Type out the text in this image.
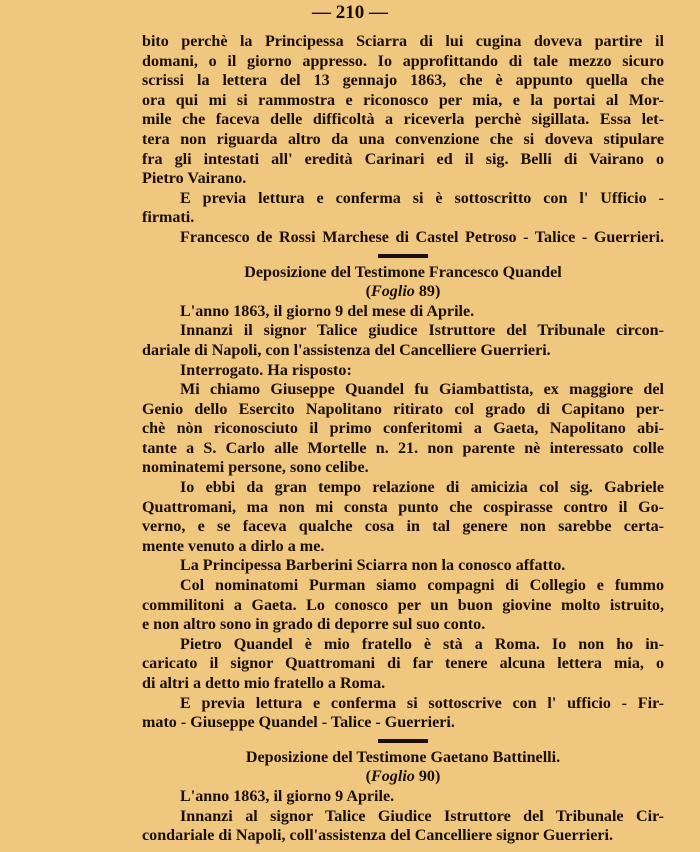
— 210 —
bito perchè la Principessa Sciarra di lui cugina doveva partire il
domani, o il giorno appresso. Io approfittando di tale mezzo sicuro
scrissi la lettera del 13 gennajo 1863, che è appunto quella che
ora qui mi si rammostra e riconosco per mia, e la portai al Mor-
mile che faceva delle difficoltà a riceverla perchè sigillata. Essa let-
tera non riguarda altro da una convenzione che si doveva stipulare
fra gli intestati all' eredità Carinari ed il sig. Belli di Vairano o
Pietro Vairano.
E previa lettura e conferma si è sottoscritto con l' Ufficio -
firmati.
Francesco de Rossi Marchese di Castel Petroso - Talice - Guerrieri.
Deposizione del Testimone Francesco Quandel
(Foglio 89)
L'anno 1863, il giorno 9 del mese di Aprile.
Innanzi il signor Talice giudice Istruttore del Tribunale circon-
dariale di Napoli, con l'assistenza del Cancelliere Guerrieri.
Interrogato. Ha risposto:
Mi chiamo Giuseppe Quandel fu Giambattista, ex maggiore del
Genio dello Esercito Napolitano ritirato col grado di Capitano per-
chè nòn riconosciuto il primo conferitomi a Gaeta, Napolitano abi-
tante a S. Carlo alle Mortelle n. 21. non parente nè interessato colle
nominatemi persone, sono celibe.
Io ebbi da gran tempo relazione di amicizia col sig. Gabriele
Quattromani, ma non mi consta punto che cospirasse contro il Go-
verno, e se faceva qualche cosa in tal genere non sarebbe certa-
mente venuto a dirlo a me.
La Principessa Barberini Sciarra non la conosco affatto.
Col nominatomi Purman siamo compagni di Collegio e fummo
commilitoni a Gaeta. Lo conosco per un buon giovine molto istruito,
e non altro sono in grado di deporre sul suo conto.
Pietro Quandel è mio fratello è stà a Roma. Io non ho in-
caricato il signor Quattromani di far tenere alcuna lettera mia, o
di altri a detto mio fratello a Roma.
E previa lettura e conferma si sottoscrive con l' ufficio - Fir-
mato - Giuseppe Quandel - Talice - Guerrieri.
Deposizione del Testimone Gaetano Battinelli.
(Foglio 90)
L'anno 1863, il giorno 9 Aprile.
Innanzi al signor Talice Giudice Istruttore del Tribunale Cir-
condariale di Napoli, coll'assistenza del Cancelliere signor Guerrieri.
